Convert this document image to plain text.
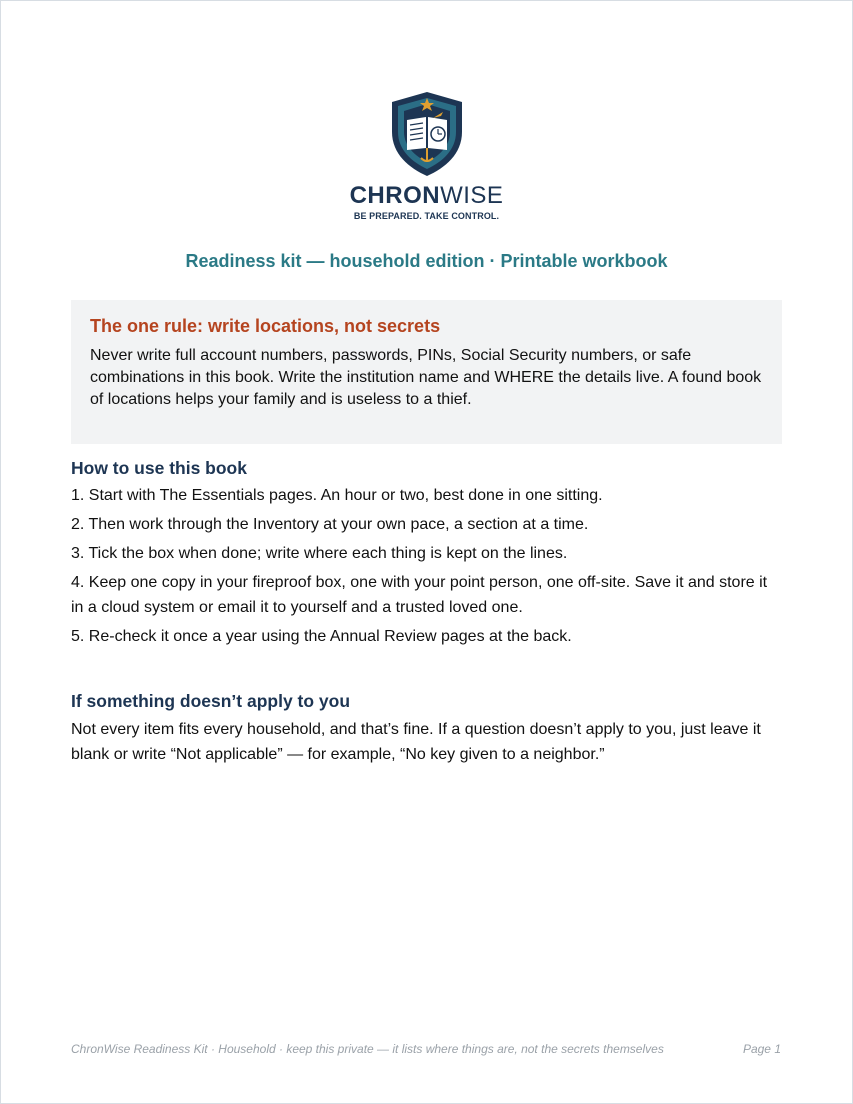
CHRONWISE
BE PREPARED. TAKE CONTROL.
Readiness kit — household edition · Printable workbook
The one rule: write locations, not secrets
Never write full account numbers, passwords, PINs, Social Security numbers, or safe combinations in this book. Write the institution name and WHERE the details live. A found book of locations helps your family and is useless to a thief.
How to use this book
1. Start with The Essentials pages. An hour or two, best done in one sitting.
2. Then work through the Inventory at your own pace, a section at a time.
3. Tick the box when done; write where each thing is kept on the lines.
4. Keep one copy in your fireproof box, one with your point person, one off-site. Save it and store it in a cloud system or email it to yourself and a trusted loved one.
5. Re-check it once a year using the Annual Review pages at the back.
If something doesn’t apply to you
Not every item fits every household, and that’s fine. If a question doesn’t apply to you, just leave it blank or write “Not applicable” — for example, “No key given to a neighbor.”
ChronWise Readiness Kit · Household · keep this private — it lists where things are, not the secrets themselves	Page 1
